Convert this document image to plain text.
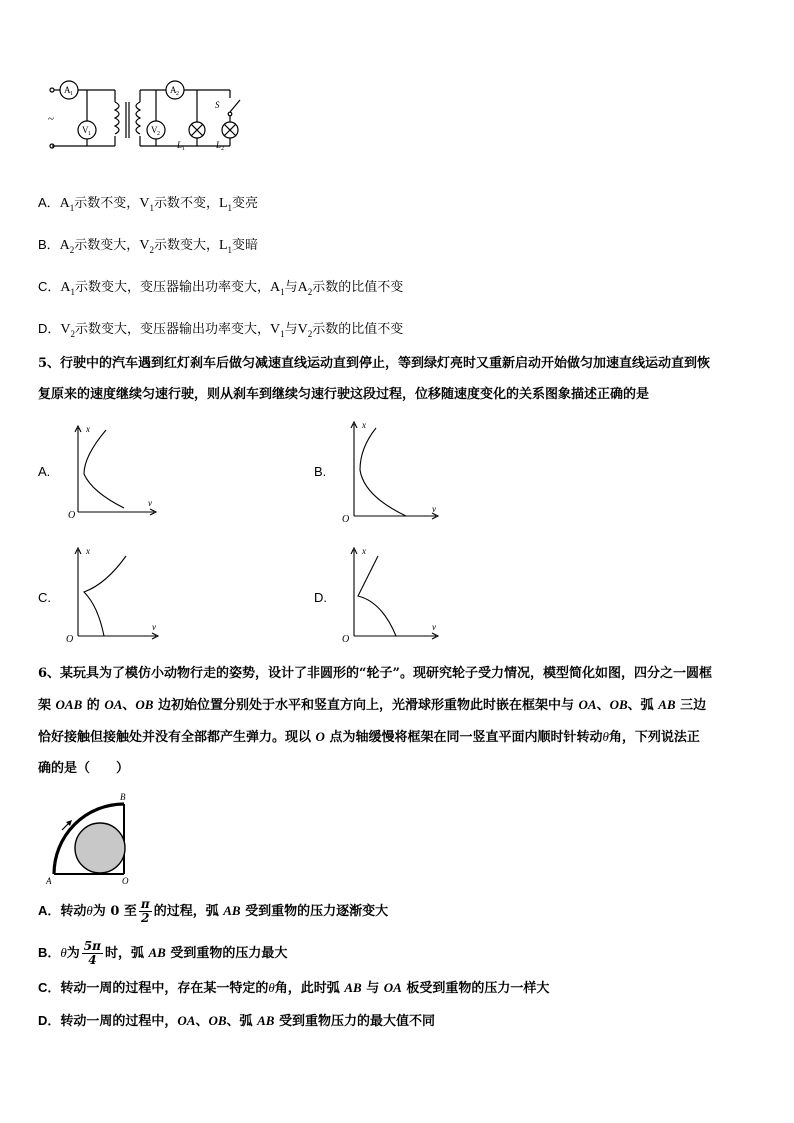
A 1	A 2
V 1	V 2
S
L 1	L 2
~
A．$A_1$示数不变，$V_1$示数不变，$L_1$变亮
B．$A_2$示数变大，$V_2$示数变大，$L_1$变暗
C．$A_1$示数变大，变压器输出功率变大，$A_1$与$A_2$示数的比值不变
D．$V_2$示数变大，变压器输出功率变大，$V_1$与$V_2$示数的比值不变
5、行驶中的汽车遇到红灯刹车后做匀减速直线运动直到停止，等到绿灯亮时又重新启动开始做匀加速直线运动直到恢
复原来的速度继续匀速行驶，则从刹车到继续匀速行驶这段过程，位移随速度变化的关系图象描述正确的是
A.
x
v
O
B.
x
v
O
C.
x
v
O
D.
x
v
O
6、某玩具为了模仿小动物行走的姿势，设计了非圆形的“轮子”。现研究轮子受力情况，模型简化如图，四分之一圆框
架 OAB 的 OA、OB 边初始位置分别处于水平和竖直方向上，光滑球形重物此时嵌在框架中与 OA、OB、弧 AB 三边
恰好接触但接触处并没有全部都产生弹力。现以 O 点为轴缓慢将框架在同一竖直平面内顺时针转动θ角，下列说法正
确的是（　　）
B
A	O
A．转动θ为 0 至 $\frac{\pi}{2}$ 的过程，弧 AB 受到重物的压力逐渐变大
B．θ为 $\frac{5\pi}{4}$ 时，弧 AB 受到重物的压力最大
C．转动一周的过程中，存在某一特定的θ角，此时弧 AB 与 OA 板受到重物的压力一样大
D．转动一周的过程中，OA、OB、弧 AB 受到重物压力的最大值不同
